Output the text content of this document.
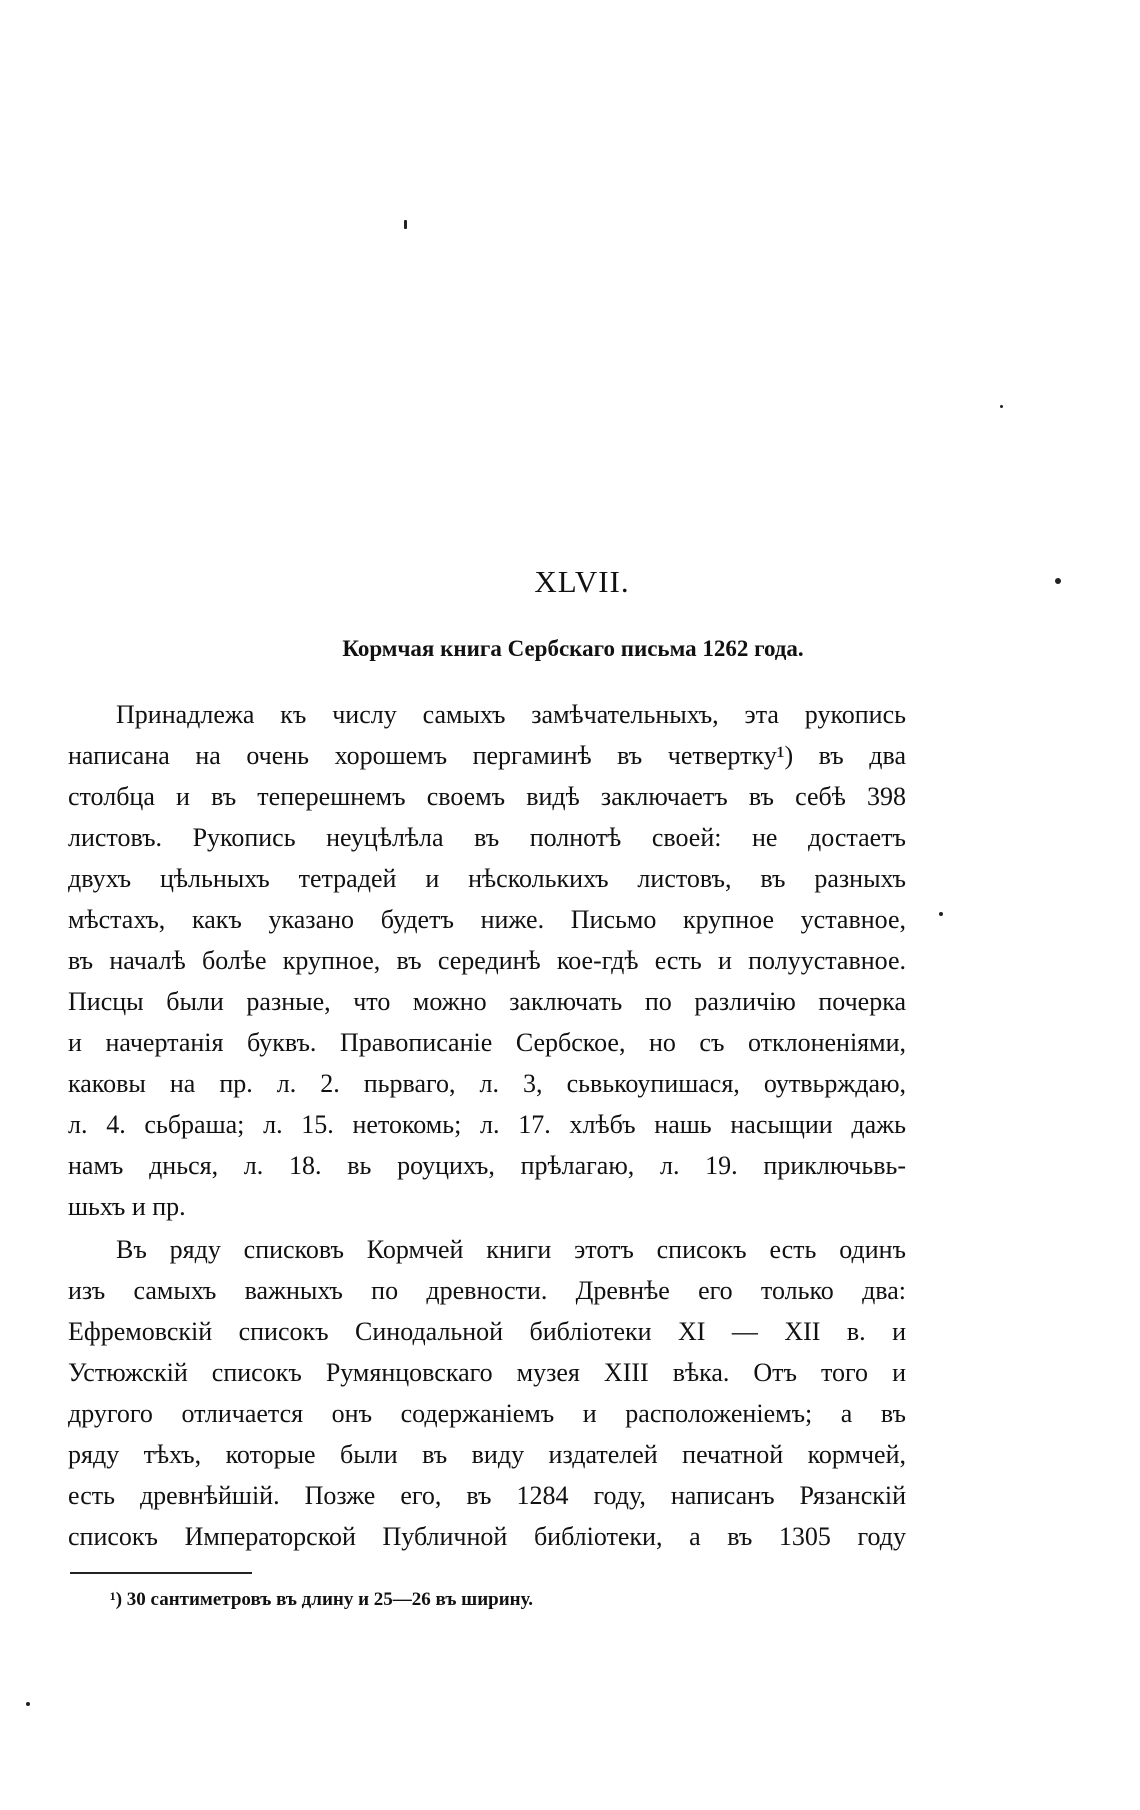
XLVII.
Кормчая книга Сербскаго письма 1262 года.
Принадлежа къ числу самыхъ замѣчательныхъ, эта рукопись
написана на очень хорошемъ пергаминѣ въ четвертку¹) въ два
столбца и въ теперешнемъ своемъ видѣ заключаетъ въ себѣ 398
листовъ. Рукопись неуцѣлѣла въ полнотѣ своей: не достаетъ
двухъ цѣльныхъ тетрадей и нѣсколькихъ листовъ, въ разныхъ
мѣстахъ, какъ указано будетъ ниже. Письмо крупное уставное,
въ началѣ болѣе крупное, въ серединѣ кое-гдѣ есть и полууставное.
Писцы были разные, что можно заключать по различію почерка
и начертанія буквъ. Правописаніе Сербское, но съ отклоненіями,
каковы на пр. л. 2. пьрваго, л. 3, сьвькоупишася, оутвьрждаю,
л. 4. сьбраша; л. 15. нетокомь; л. 17. хлѣбъ нашь насыщии дажь
намъ днься, л. 18. вь роуцихъ, прѣлагаю, л. 19. приключьвь-
шьхъ и пр.
Въ ряду списковъ Кормчей книги этотъ списокъ есть одинъ
изъ самыхъ важныхъ по древности. Древнѣе его только два:
Ефремовскій списокъ Синодальной библіотеки XI — XII в. и
Устюжскій списокъ Румянцовскаго музея XIII вѣка. Отъ того и
другого отличается онъ содержаніемъ и расположеніемъ; а въ
ряду тѣхъ, которые были въ виду издателей печатной кормчей,
есть древнѣйшій. Позже его, въ 1284 году, написанъ Рязанскій
списокъ Императорской Публичной библіотеки, а въ 1305 году
¹) 30 сантиметровъ въ длину и 25—26 въ ширину.
